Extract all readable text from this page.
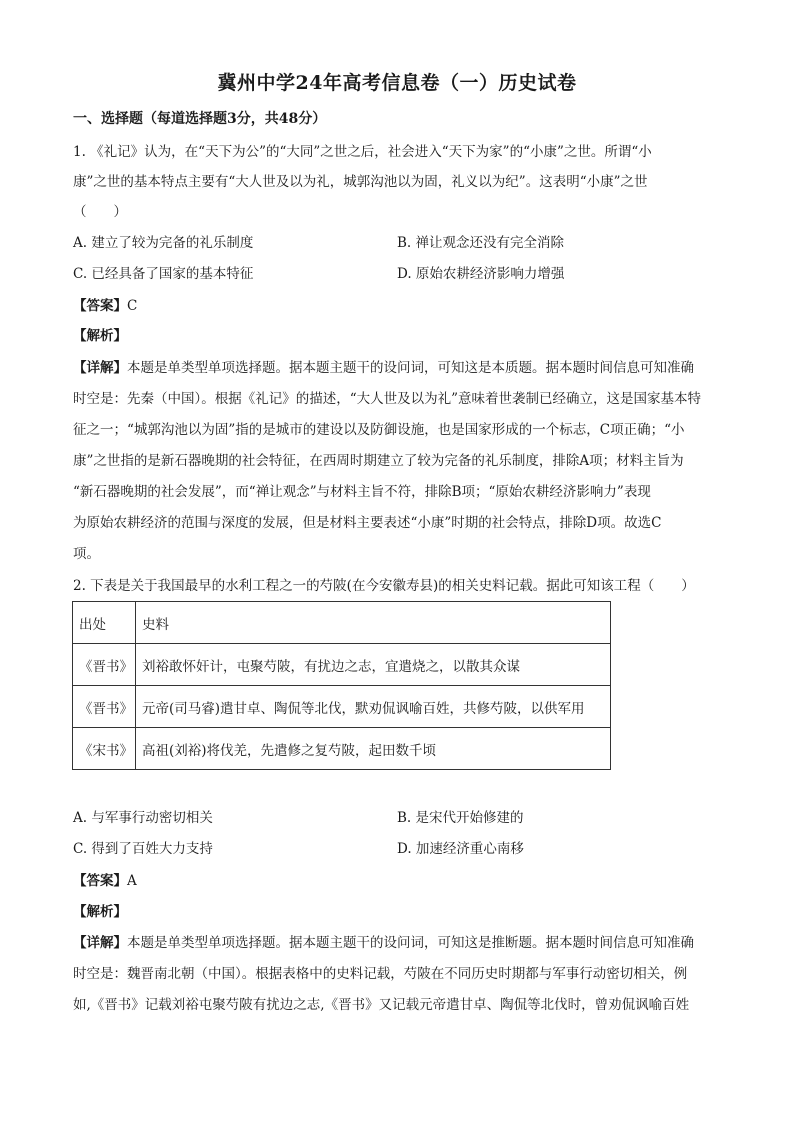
冀州中学24年高考信息卷（一）历史试卷
一、选择题（每道选择题3分，共48分）
1. 《礼记》认为，在“天下为公”的“大同”之世之后，社会进入“天下为家”的“小康”之世。所谓“小
康”之世的基本特点主要有“大人世及以为礼，城郭沟池以为固，礼义以为纪”。这表明“小康”之世
（　　）
A. 建立了较为完备的礼乐制度	B. 禅让观念还没有完全消除
C. 已经具备了国家的基本特征	D. 原始农耕经济影响力增强
【答案】C
【解析】
【详解】本题是单类型单项选择题。据本题主题干的设问词，可知这是本质题。据本题时间信息可知准确
时空是：先秦（中国）。根据《礼记》的描述，“大人世及以为礼”意味着世袭制已经确立，这是国家基本特
征之一；“城郭沟池以为固”指的是城市的建设以及防御设施，也是国家形成的一个标志，C项正确；“小
康”之世指的是新石器晚期的社会特征，在西周时期建立了较为完备的礼乐制度，排除A项；材料主旨为
“新石器晚期的社会发展”，而“禅让观念”与材料主旨不符，排除B项；“原始农耕经济影响力”表现
为原始农耕经济的范围与深度的发展，但是材料主要表述“小康”时期的社会特点，排除D项。故选C
项。
2. 下表是关于我国最早的水利工程之一的芍陂(在今安徽寿县)的相关史料记载。据此可知该工程（　　）
出处	史料
《晋书》	刘裕敢怀奸计，屯聚芍陂，有扰边之志，宜遣烧之，以散其众谋
《晋书》	元帝(司马睿)遣甘卓、陶侃等北伐，默劝侃讽喻百姓，共修芍陂，以供军用
《宋书》	高祖(刘裕)将伐羌，先遣修之复芍陂，起田数千顷
A. 与军事行动密切相关	B. 是宋代开始修建的
C. 得到了百姓大力支持	D. 加速经济重心南移
【答案】A
【解析】
【详解】本题是单类型单项选择题。据本题主题干的设问词，可知这是推断题。据本题时间信息可知准确
时空是：魏晋南北朝（中国）。根据表格中的史料记载，芍陂在不同历史时期都与军事行动密切相关，例
如,《晋书》记载刘裕屯聚芍陂有扰边之志,《晋书》又记载元帝遣甘卓、陶侃等北伐时，曾劝侃讽喻百姓
